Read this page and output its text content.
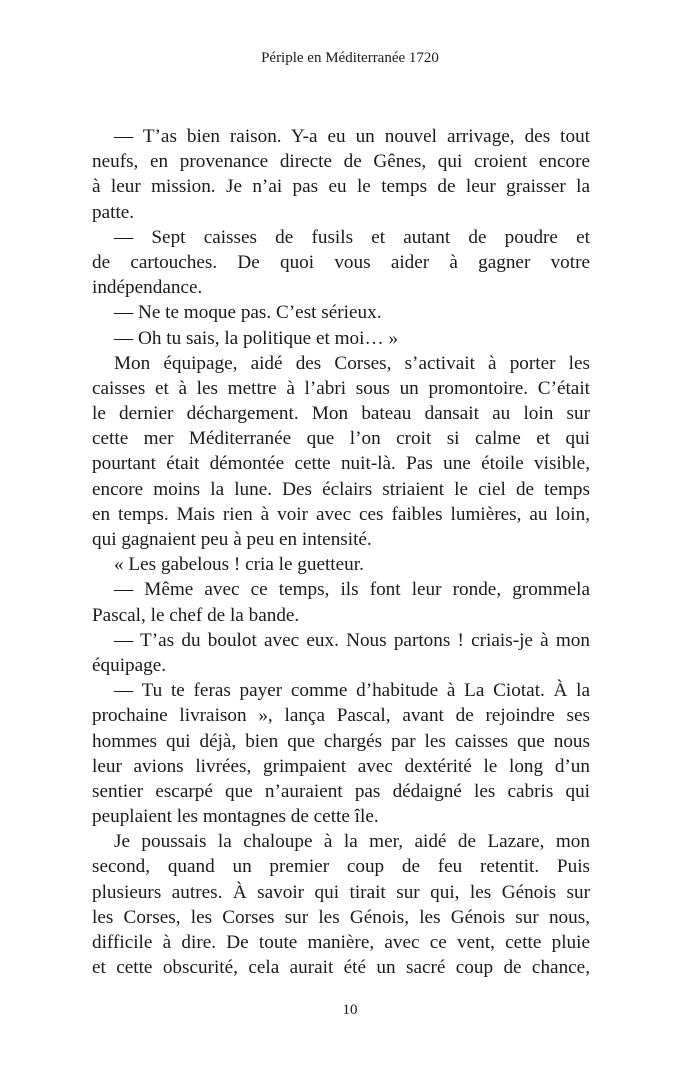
Périple en Méditerranée 1720
— T’as bien raison. Y-a eu un nouvel arrivage, des tout
neufs, en provenance directe de Gênes, qui croient encore
à leur mission. Je n’ai pas eu le temps de leur graisser la
patte.
— Sept caisses de fusils et autant de poudre et
de cartouches. De quoi vous aider à gagner votre
indépendance.
— Ne te moque pas. C’est sérieux.
— Oh tu sais, la politique et moi… »
Mon équipage, aidé des Corses, s’activait à porter les
caisses et à les mettre à l’abri sous un promontoire. C’était
le dernier déchargement. Mon bateau dansait au loin sur
cette mer Méditerranée que l’on croit si calme et qui
pourtant était démontée cette nuit-là. Pas une étoile visible,
encore moins la lune. Des éclairs striaient le ciel de temps
en temps. Mais rien à voir avec ces faibles lumières, au loin,
qui gagnaient peu à peu en intensité.
« Les gabelous ! cria le guetteur.
— Même avec ce temps, ils font leur ronde, grommela
Pascal, le chef de la bande.
— T’as du boulot avec eux. Nous partons ! criais-je à mon
équipage.
— Tu te feras payer comme d’habitude à La Ciotat. À la
prochaine livraison », lança Pascal, avant de rejoindre ses
hommes qui déjà, bien que chargés par les caisses que nous
leur avions livrées, grimpaient avec dextérité le long d’un
sentier escarpé que n’auraient pas dédaigné les cabris qui
peuplaient les montagnes de cette île.
Je poussais la chaloupe à la mer, aidé de Lazare, mon
second, quand un premier coup de feu retentit. Puis
plusieurs autres. À savoir qui tirait sur qui, les Génois sur
les Corses, les Corses sur les Génois, les Génois sur nous,
difficile à dire. De toute manière, avec ce vent, cette pluie
et cette obscurité, cela aurait été un sacré coup de chance,
10
